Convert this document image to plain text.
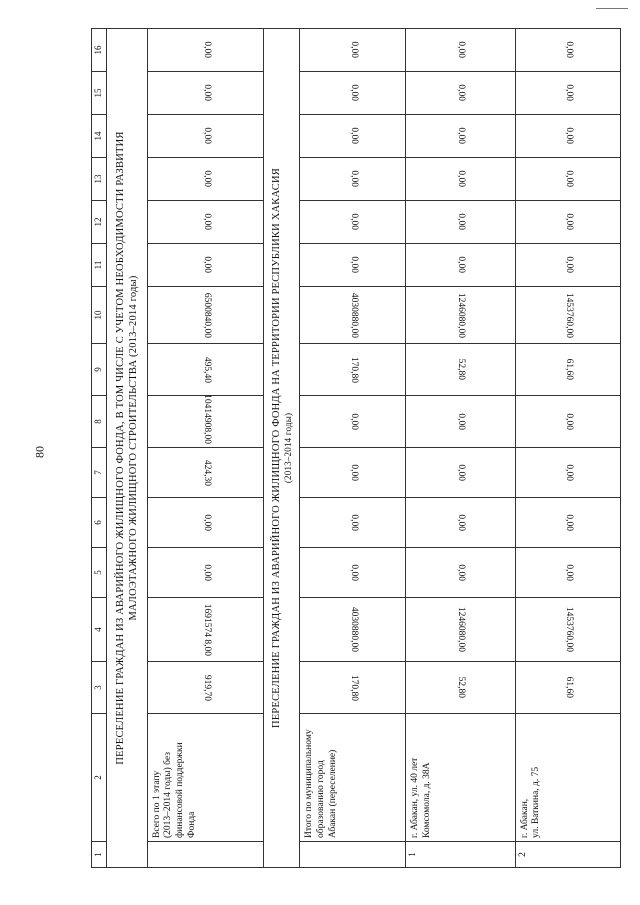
80
1	2	3	4	5	6	7	8	9	10	11	12	13	14	15	16

ПЕРЕСЕЛЕНИЕ ГРАЖДАН ИЗ АВАРИЙНОГО ЖИЛИЩНОГО ФОНДА, В ТОМ ЧИСЛЕ С УЧЕТОМ НЕОБХОДИМОСТИ РАЗВИТИЯ МАЛОЭТАЖНОГО ЖИЛИЩНОГО СТРОИТЕЛЬСТВА (2013–2014 годы)															

	Всего по 1 этапу (2013–2014 годы) без финансовой поддержки Фонда	919,70	1691574 8,00	0,00	0,00	424,30	10414908,00	495,40	6500840,00	0,00	0,00	0,00	0,00	0,00	0,00
ПЕРЕСЕЛЕНИЕ ГРАЖДАН ИЗ АВАРИЙНОГО ЖИЛИЩНОГО ФОНДА НА ТЕРРИТОРИИ РЕСПУБЛИКИ ХАКАСИЯ (2013–2014 годы)															

	Итого по муниципальному образованию город Абакан (переселение)	170,80	4030880,00	0,00	0,00	0,00	0,00	170,80	4030880,00	0,00	0,00	0,00	0,00	0,00	0,00
1	г. Абакан, ул. 40 лет Комсомола, д. 38А	52,80	1246080,00	0,00	0,00	0,00	0,00	52,80	1246080,00	0,00	0,00	0,00	0,00	0,00	0,00
2	г. Абакан, ул. Ваткина, д. 75	61,60	1453760,00	0,00	0,00	0,00	0,00	61,60	1453760,00	0,00	0,00	0,00	0,00	0,00	0,00
